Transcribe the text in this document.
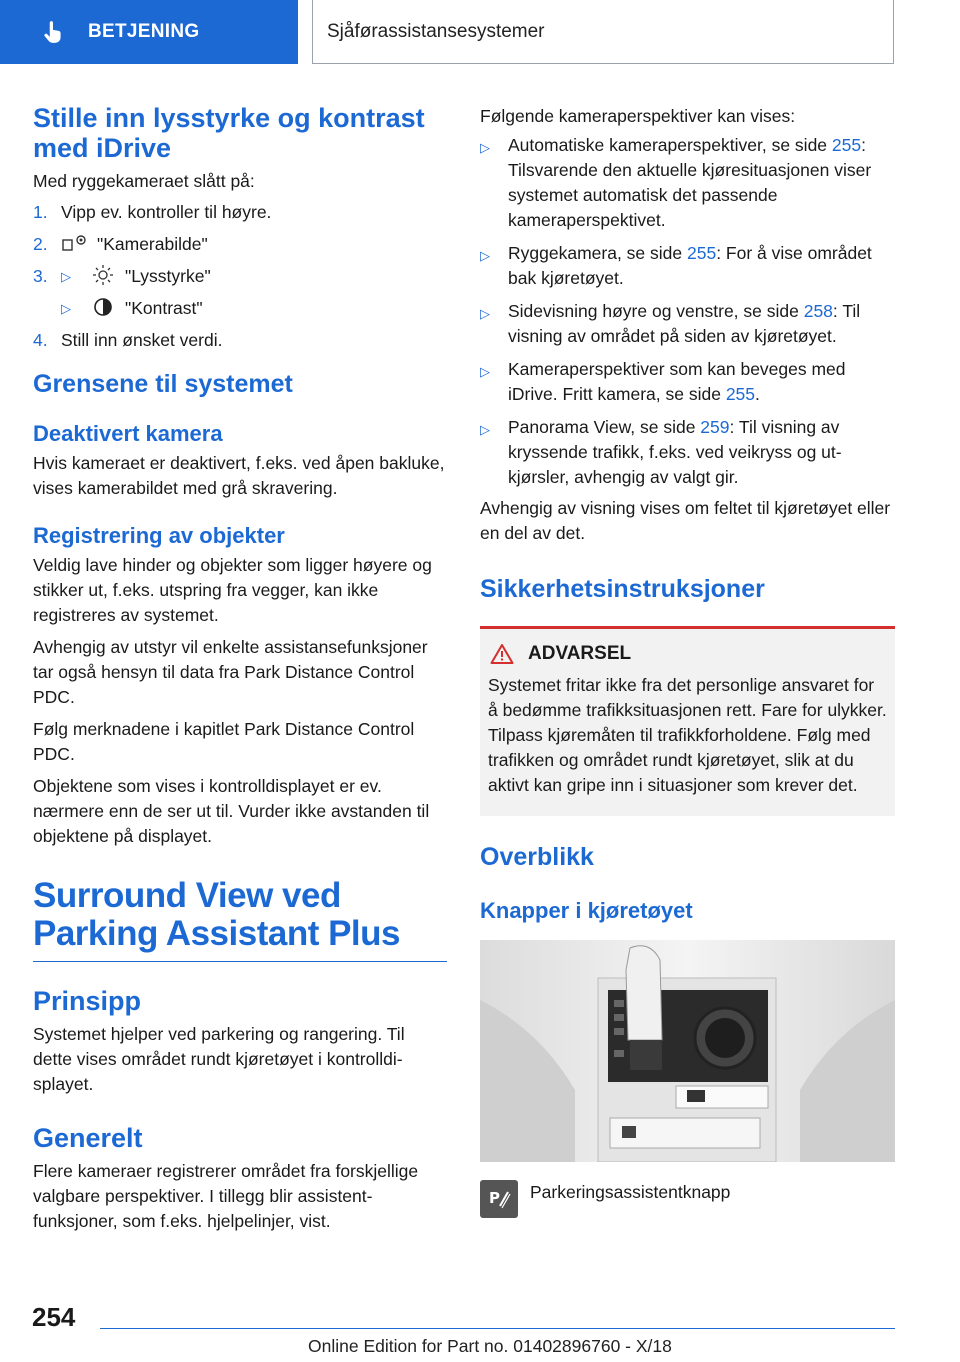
BETJENING	Sjåførassistansesystemer
Stille inn lysstyrke og kontrast med iDrive

Med ryggekameraet slått på:

1. Vipp ev. kontroller til høyre.
2.	"Kamerabilde"
3.	▷	"Lysstyrke"
▷	"Kontrast"
4. Still inn ønsket verdi.
Grensene til systemet
Deaktivert kamera

Hvis kameraet er deaktivert, f.eks. ved åpen bakluke, vises kamerabildet med grå skravering.

Registrering av objekter

Veldig lave hinder og objekter som ligger høyere og stikker ut, f.eks. utspring fra vegger, kan ikke registreres av systemet.

Avhengig av utstyr vil enkelte assistansefunksjoner tar også hensyn til data fra Park Distance Control PDC.

Følg merknadene i kapitlet Park Distance Control PDC.

Objektene som vises i kontrolldisplayet er ev. nærmere enn de ser ut til. Vurder ikke avstanden til objektene på displayet.

Surround View ved Parking Assistant Plus
Prinsipp

Systemet hjelper ved parkering og rangering. Til dette vises området rundt kjøretøyet i kontrolldisplayet.

Generelt

Flere kameraer registrerer området fra forskjellige valgbare perspektiver. I tillegg blir assistentfunksjoner, som f.eks. hjelpelinjer, vist.

Følgende kameraperspektiver kan vises:

▷	Automatiske kameraperspektiver, se side 255: Tilsvarende den aktuelle kjøresituasjonen viser systemet automatisk det passende kameraperspektivet.
▷	Ryggekamera, se side 255: For å vise området bak kjøretøyet.
▷	Sidevisning høyre og venstre, se side 258: Til visning av området på siden av kjøretøyet.
▷	Kameraperspektiver som kan beveges med iDrive. Fritt kamera, se side 255.
▷	Panorama View, se side 259: Til visning av kryssende trafikk, f.eks. ved veikryss og utkjørsler, avhengig av valgt gir.

Avhengig av visning vises om feltet til kjøretøyet eller en del av det.

Sikkerhetsinstruksjoner
ADVARSEL

Systemet fritar ikke fra det personlige ansvaret for å bedømme trafikksituasjonen rett. Fare for ulykker. Tilpass kjøremåten til trafikkforholdene. Følg med trafikken og området rundt kjøretøyet, slik at du aktivt kan gripe inn i situasjoner som krever det.

Overblikk
Knapper i kjøretøyet
P Parkeringsassistentknapp
254
Online Edition for Part no. 01402896760 - X/18
